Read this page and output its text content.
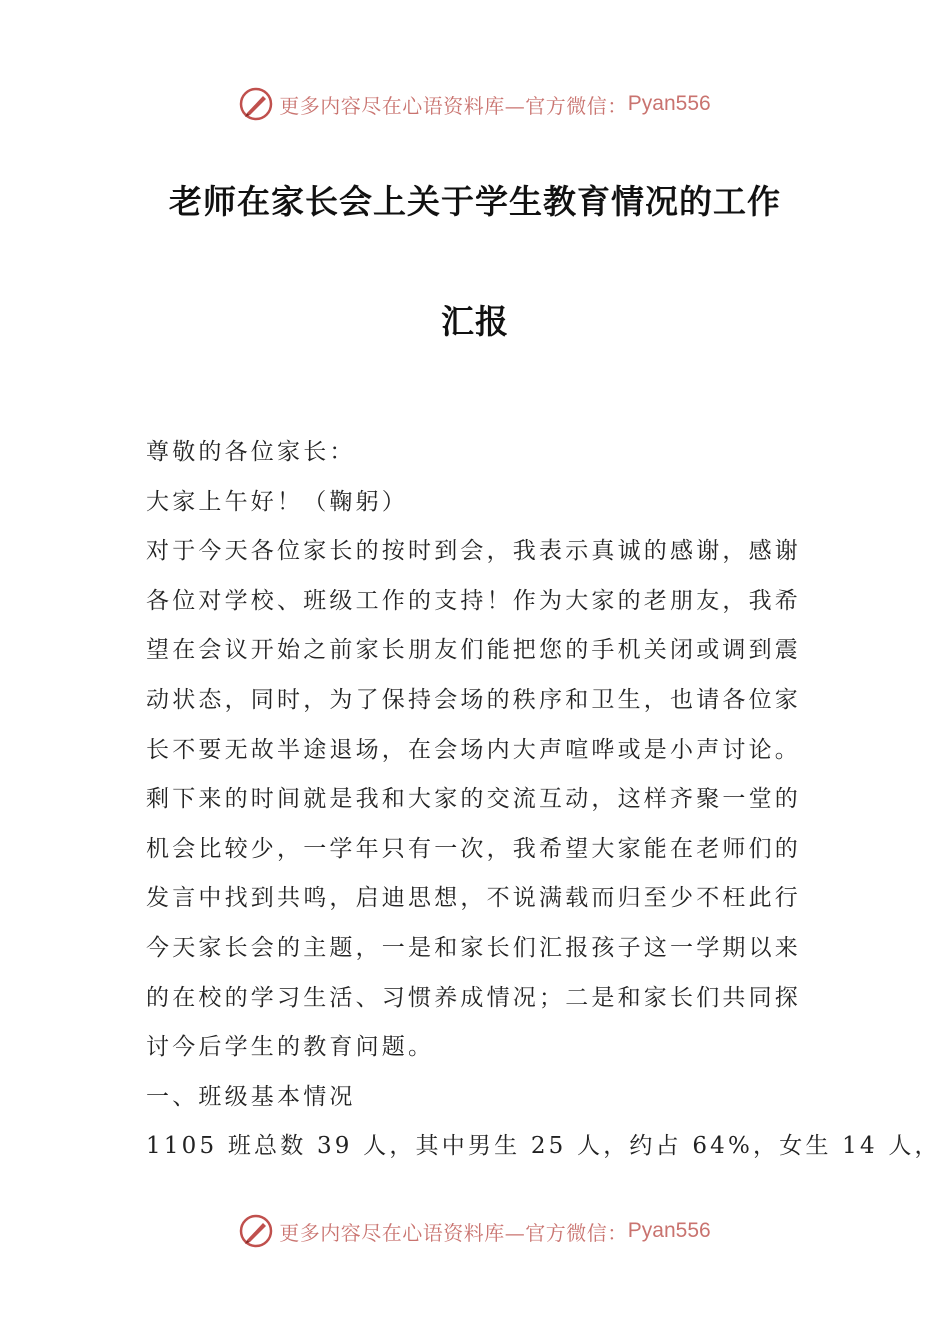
更多内容尽在心语资料库—官方微信： Pyan556
老师在家长会上关于学生教育情况的工作
汇报

尊敬的各位家长：

大家上午好！（鞠躬）

对于今天各位家长的按时到会，我表示真诚的感谢，感谢

各位对学校、班级工作的支持！作为大家的老朋友，我希

望在会议开始之前家长朋友们能把您的手机关闭或调到震

动状态，同时，为了保持会场的秩序和卫生，也请各位家

长不要无故半途退场，在会场内大声喧哗或是小声讨论。

剩下来的时间就是我和大家的交流互动，这样齐聚一堂的

机会比较少，一学年只有一次，我希望大家能在老师们的

发言中找到共鸣，启迪思想，不说满载而归至少不枉此行

今天家长会的主题，一是和家长们汇报孩子这一学期以来

的在校的学习生活、习惯养成情况；二是和家长们共同探

讨今后学生的教育问题。

一、班级基本情况

1105 班总数 39 人，其中男生 25 人，约占 64%，女生 14 人，

更多内容尽在心语资料库—官方微信： Pyan556
